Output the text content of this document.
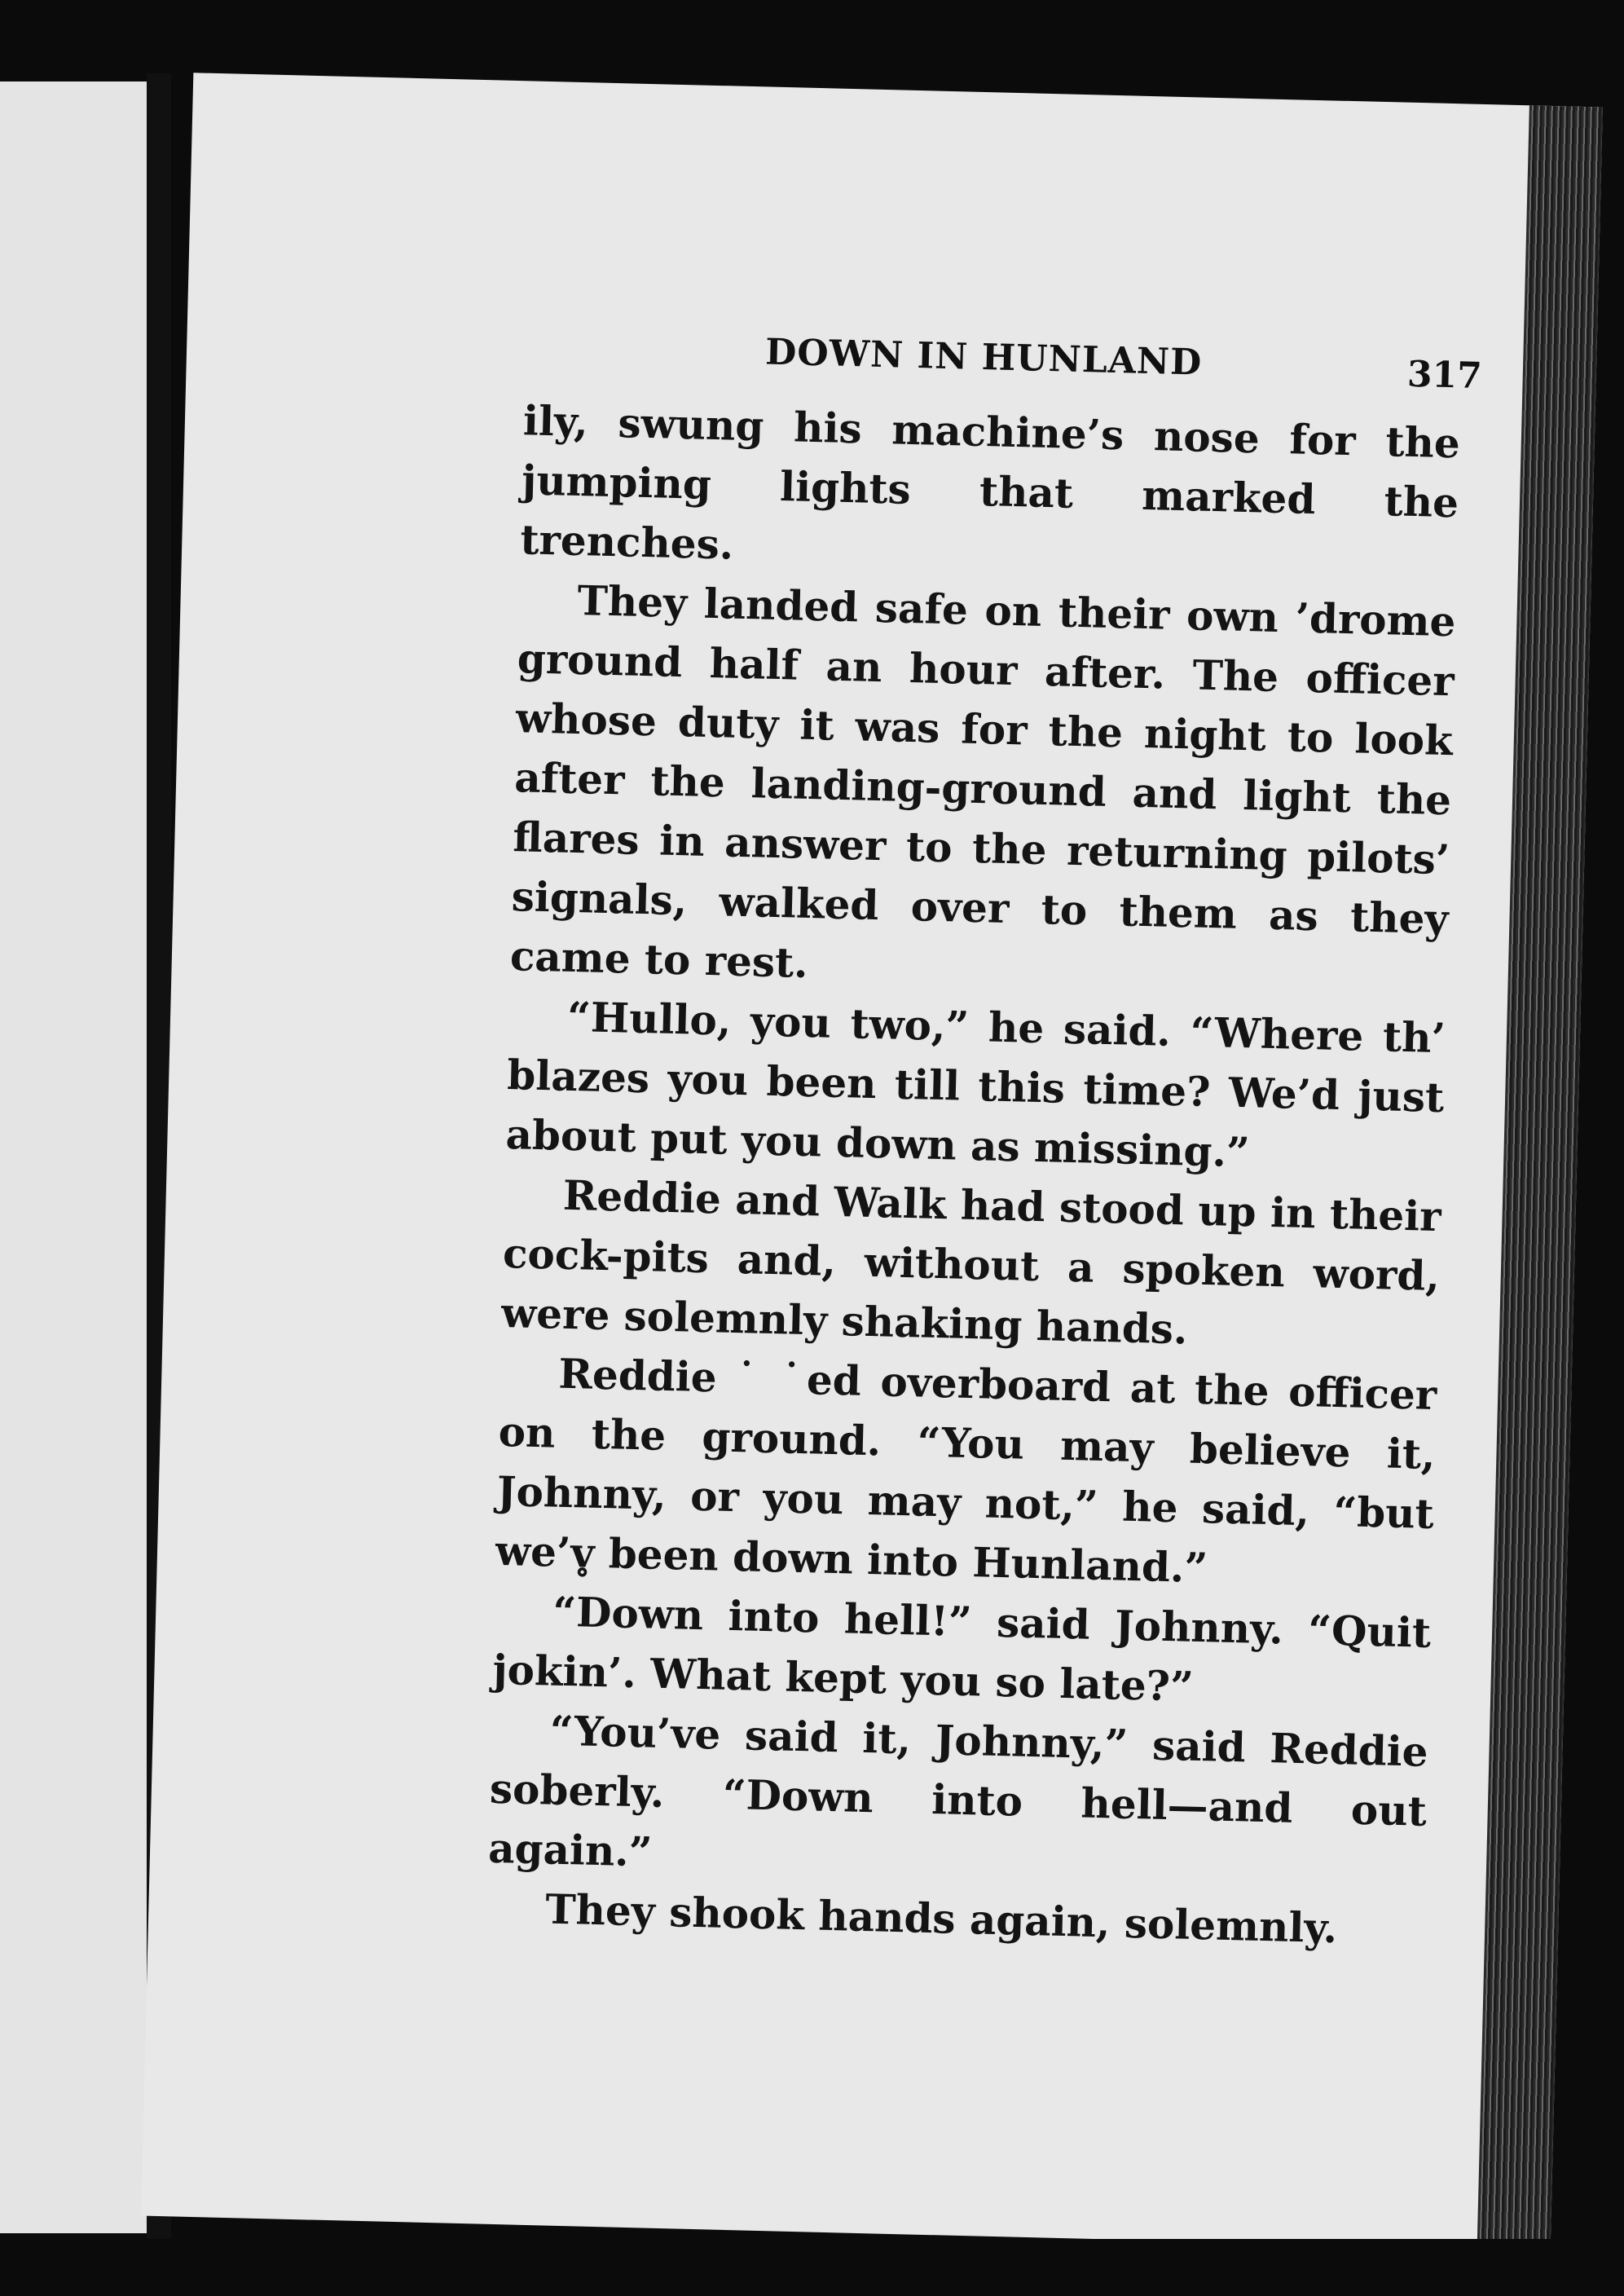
DOWN IN HUNLAND	317

ily, swung his machine’s nose for the jumping lights that marked the trenches.

They landed safe on their own ’drome ground half an hour after. The officer whose duty it was for the night to look after the landing-ground and light the flares in answer to the returning pilots’ signals, walked over to them as they came to rest.

“Hullo, you two,” he said. “Where th’ blazes you been till this time? We’d just about put you down as missing.”

Reddie and Walk had stood up in their cock-pits and, without a spoken word, were solemnly shaking hands.

Reddie ˙ ˙ed overboard at the officer on the ground. “You may believe it, Johnny, or you may not,” he said, “but we’v̥ been down into Hunland.”

“Down into hell!” said Johnny. “Quit jokin’. What kept you so late?”

“You’ve said it, Johnny,” said Reddie soberly. “Down into hell—and out again.”

They shook hands again, solemnly.
